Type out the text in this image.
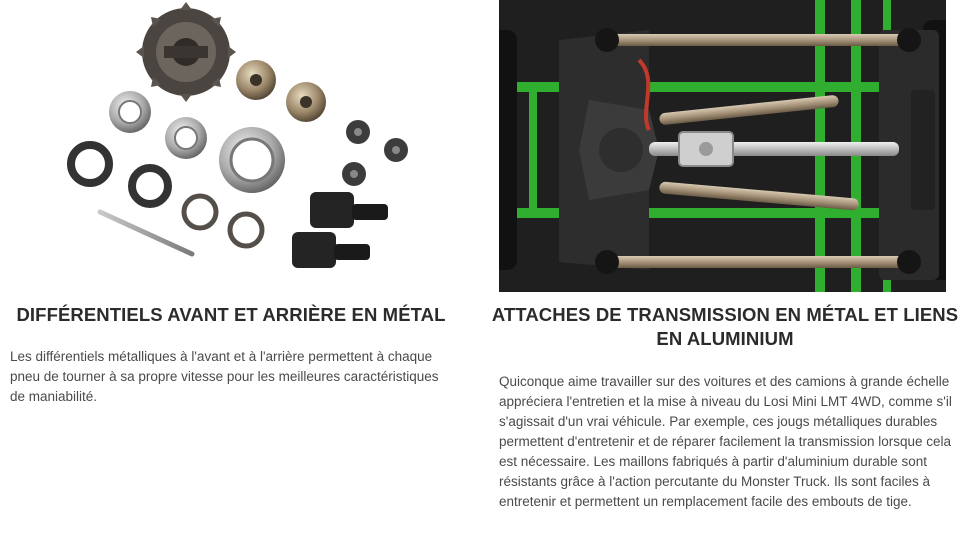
DIFFÉRENTIELS AVANT ET ARRIÈRE EN MÉTAL

Les différentiels métalliques à l'avant et à l'arrière permettent à chaque pneu de tourner à sa propre vitesse pour les meilleures caractéristiques de maniabilité.

ATTACHES DE TRANSMISSION EN MÉTAL ET LIENS EN ALUMINIUM

Quiconque aime travailler sur des voitures et des camions à grande échelle appréciera l'entretien et la mise à niveau du Losi Mini LMT 4WD, comme s'il s'agissait d'un vrai véhicule. Par exemple, ces jougs métalliques durables permettent d'entretenir et de réparer facilement la transmission lorsque cela est nécessaire. Les maillons fabriqués à partir d'aluminium durable sont résistants grâce à l'action percutante du Monster Truck. Ils sont faciles à entretenir et permettent un remplacement facile des embouts de tige.
